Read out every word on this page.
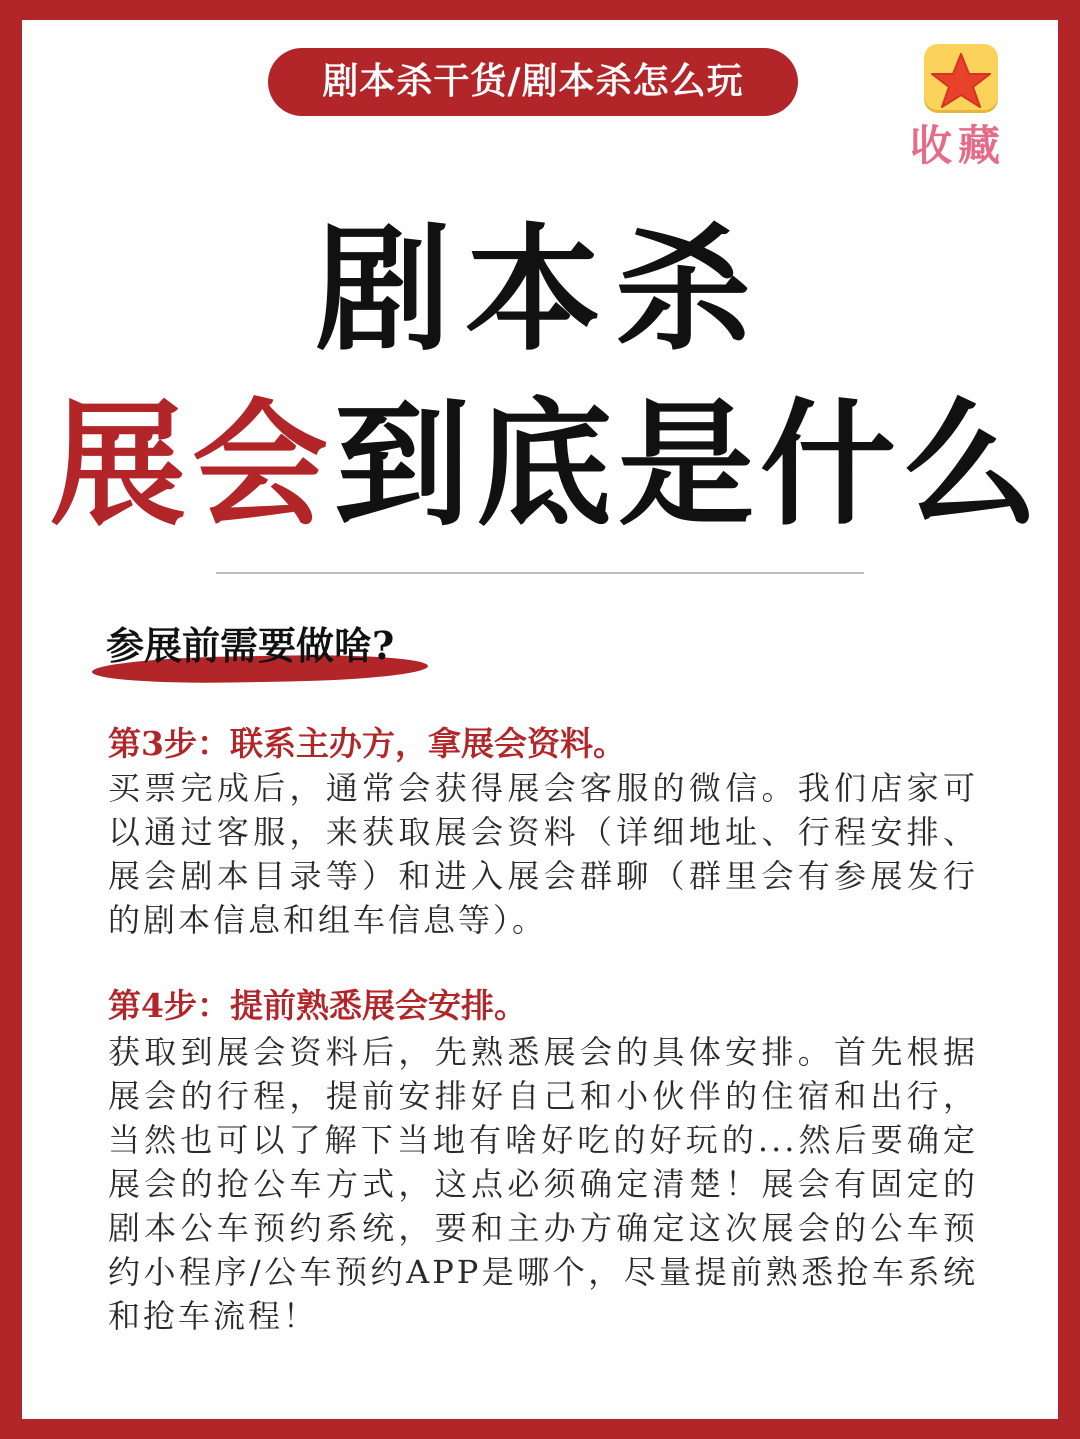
剧本杀干货/剧本杀怎么玩
收藏
剧本杀
展会到底是什么
参展前需要做啥?
第3步：联系主办方，拿展会资料。
买票完成后，通常会获得展会客服的微信。我们店家可以通过客服，来获取展会资料（详细地址、行程安排、展会剧本目录等）和进入展会群聊（群里会有参展发行的剧本信息和组车信息等）。
第4步：提前熟悉展会安排。
获取到展会资料后，先熟悉展会的具体安排。首先根据展会的行程，提前安排好自己和小伙伴的住宿和出行，当然也可以了解下当地有啥好吃的好玩的...然后要确定展会的抢公车方式，这点必须确定清楚！展会有固定的剧本公车预约系统，要和主办方确定这次展会的公车预约小程序/公车预约APP是哪个，尽量提前熟悉抢车系统和抢车流程！
